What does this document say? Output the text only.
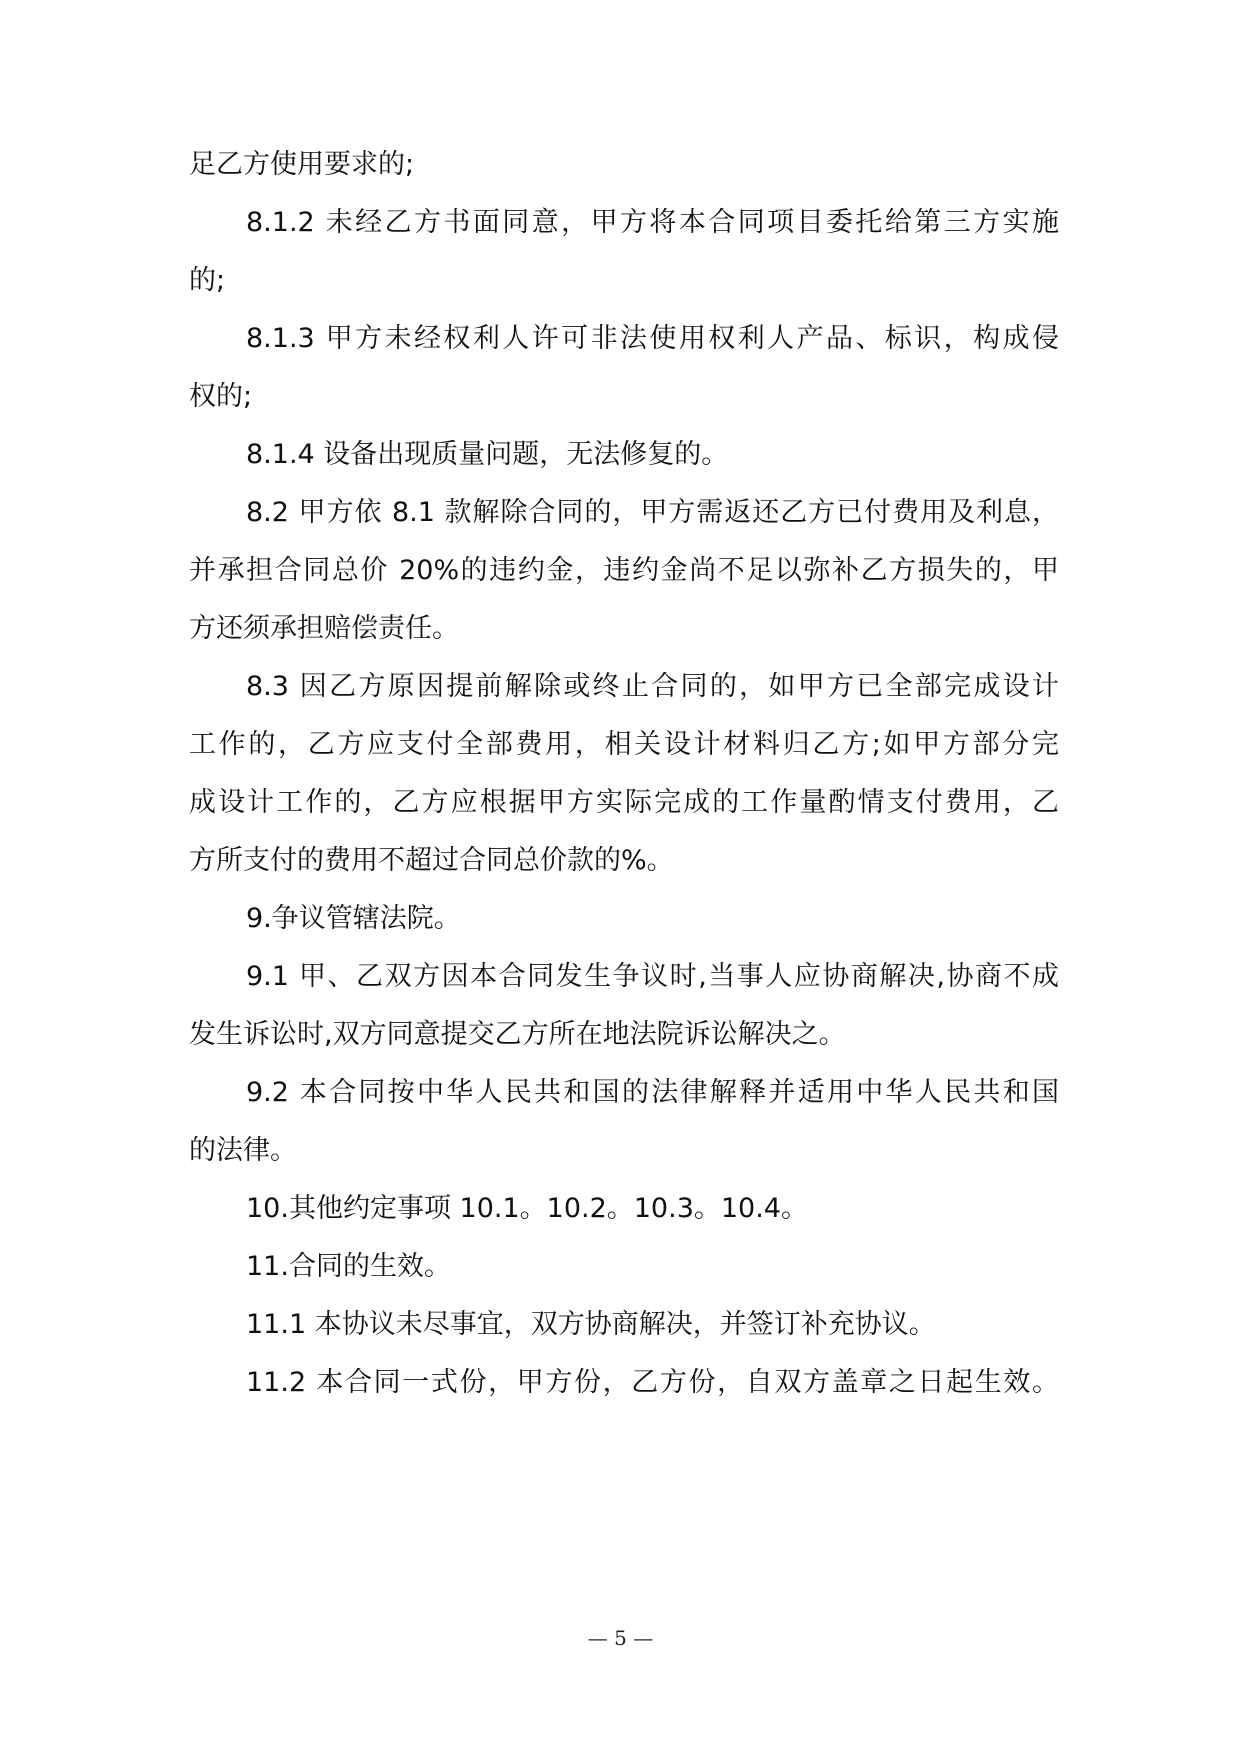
足乙方使用要求的;
8.1.2 未经乙方书面同意，甲方将本合同项目委托给第三方实施
的;
8.1.3 甲方未经权利人许可非法使用权利人产品、标识，构成侵
权的;
8.1.4 设备出现质量问题，无法修复的。
8.2 甲方依 8.1 款解除合同的，甲方需返还乙方已付费用及利息，
并承担合同总价 20%的违约金，违约金尚不足以弥补乙方损失的，甲
方还须承担赔偿责任。
8.3 因乙方原因提前解除或终止合同的，如甲方已全部完成设计
工作的，乙方应支付全部费用，相关设计材料归乙方;如甲方部分完
成设计工作的，乙方应根据甲方实际完成的工作量酌情支付费用，乙
方所支付的费用不超过合同总价款的%。
9.争议管辖法院。
9.1 甲、乙双方因本合同发生争议时,当事人应协商解决,协商不成
发生诉讼时,双方同意提交乙方所在地法院诉讼解决之。
9.2 本合同按中华人民共和国的法律解释并适用中华人民共和国
的法律。
10.其他约定事项 10.1。10.2。10.3。10.4。
11.合同的生效。
11.1 本协议未尽事宜，双方协商解决，并签订补充协议。
11.2 本合同一式份，甲方份，乙方份，自双方盖章之日起生效。
— 5 —
